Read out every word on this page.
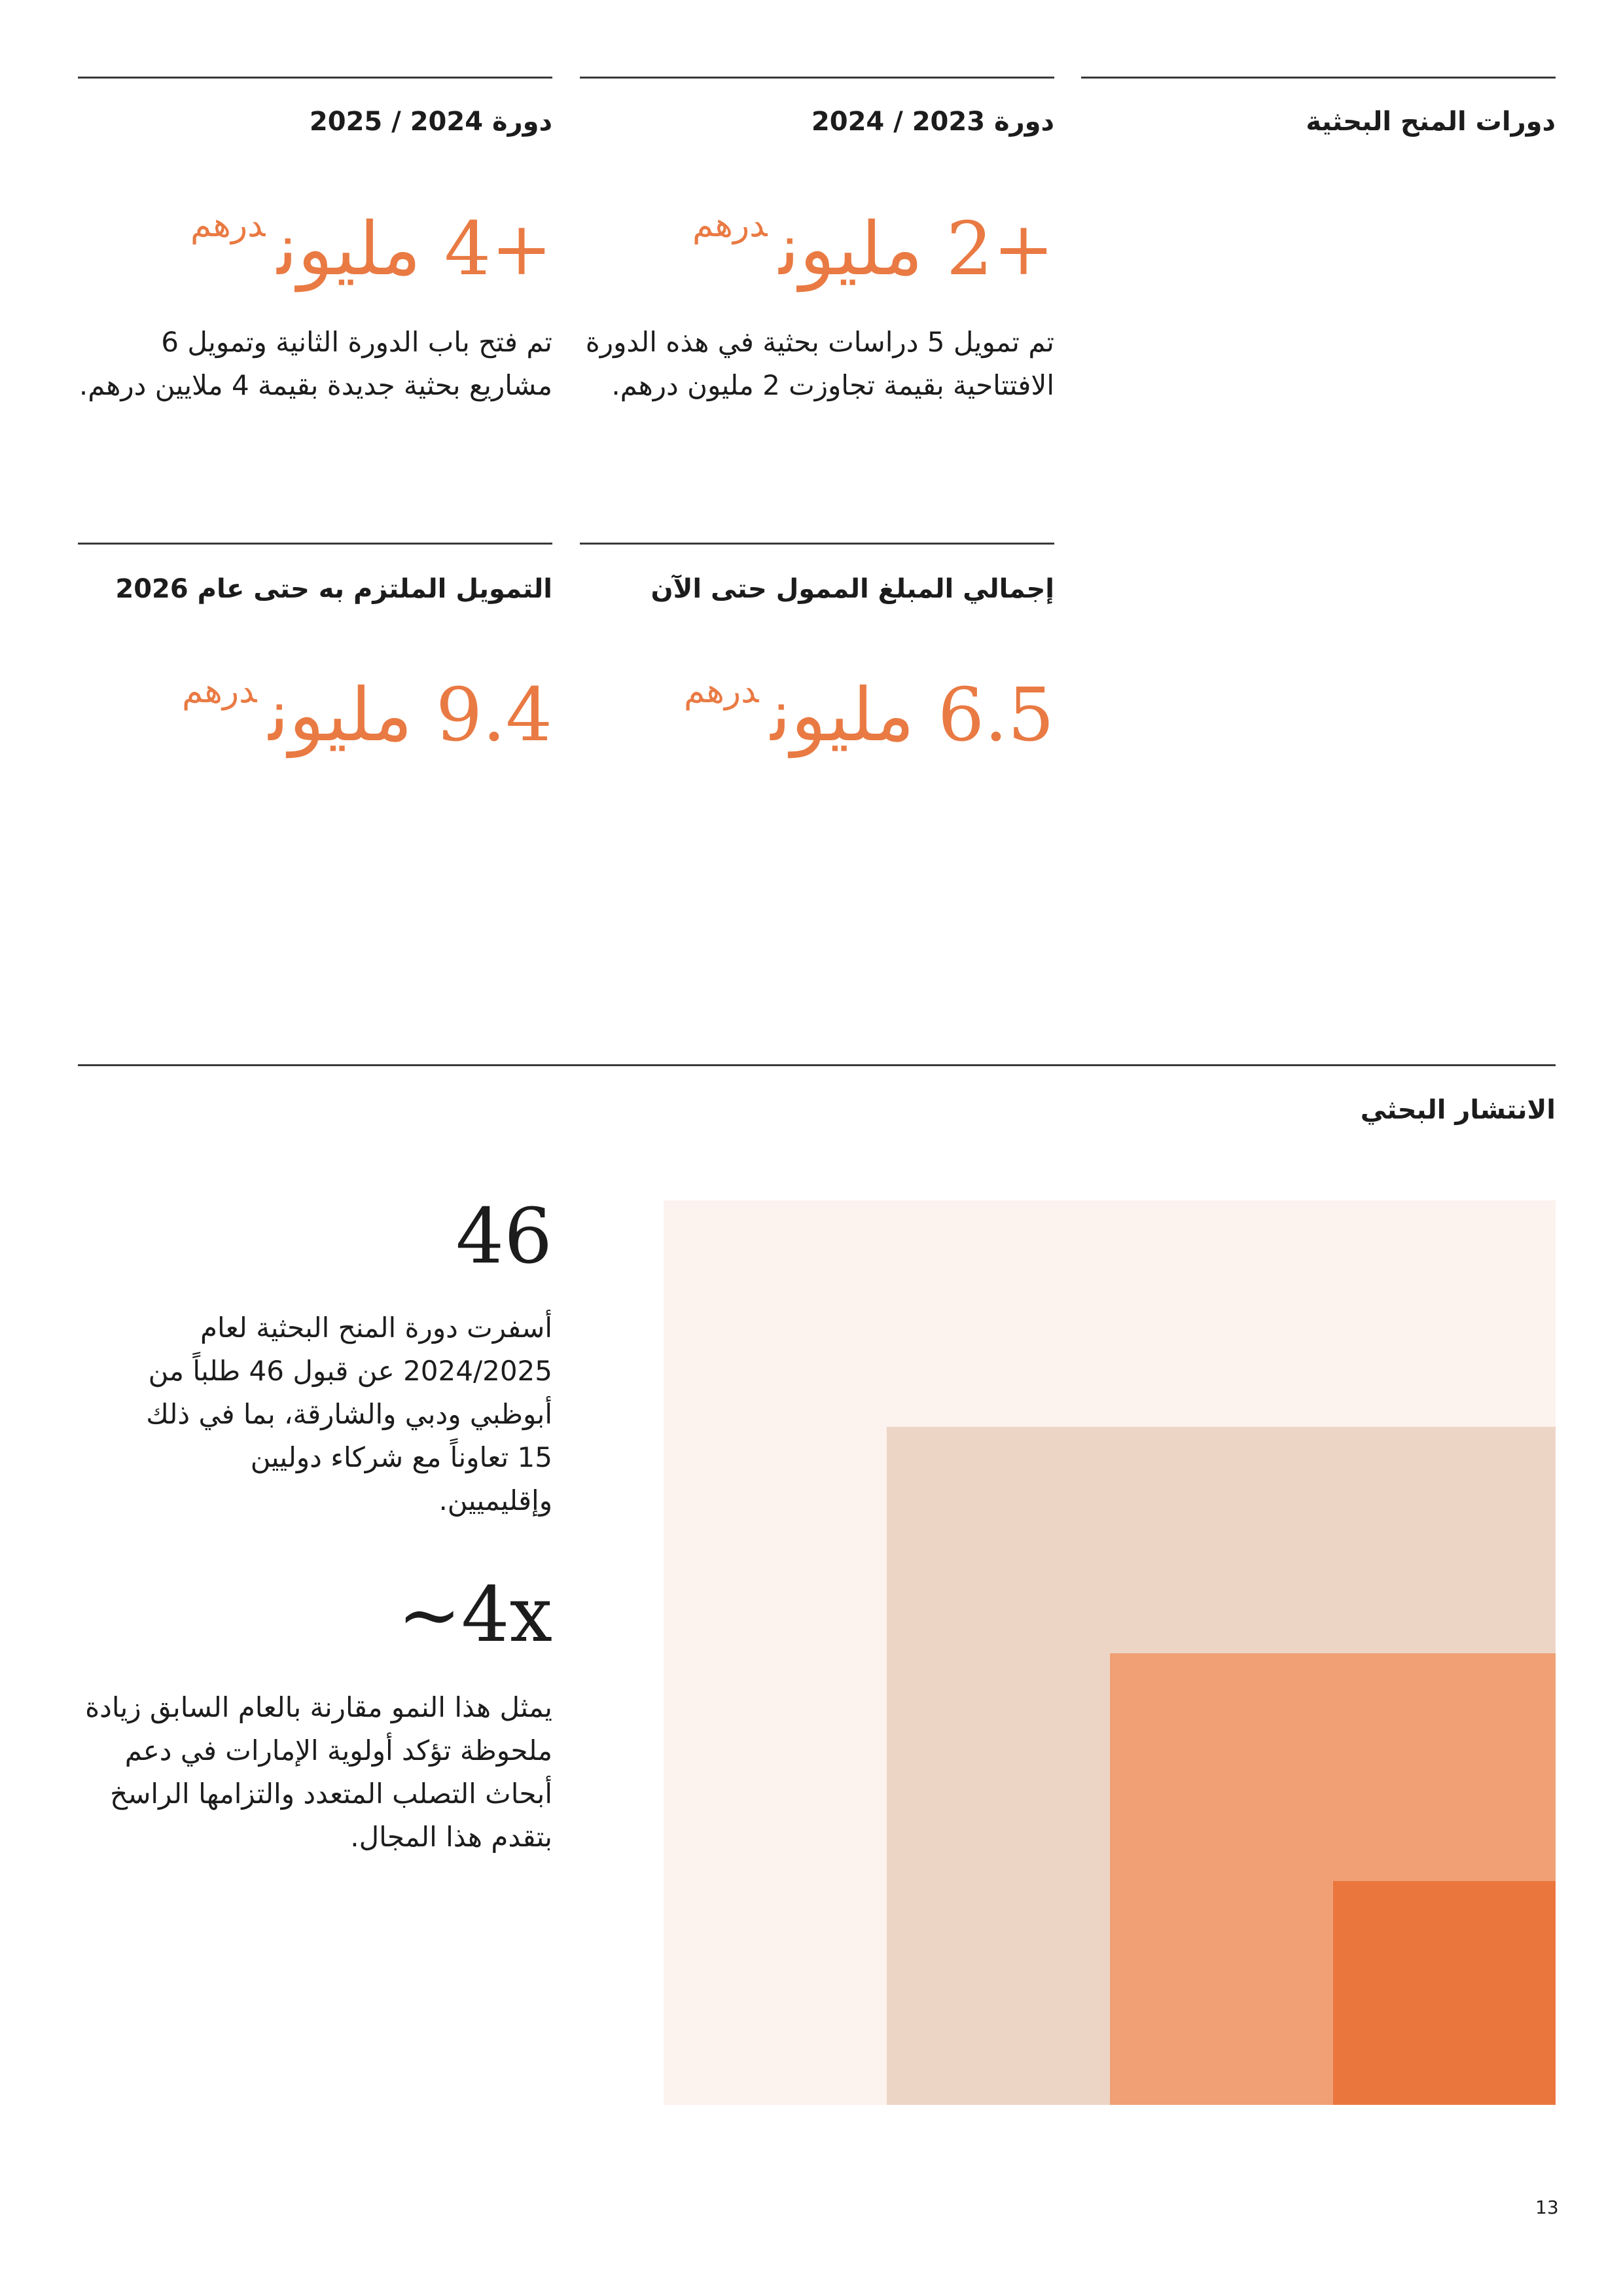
دورات المنح البحثية
دورة 2023 / 2024
+2 مليوندرهم
تم تمويل 5 دراسات بحثية في هذه الدورة الافتتاحية بقيمة تجاوزت 2 مليون درهم.
دورة 2024 / 2025
+4 مليوندرهم
تم فتح باب الدورة الثانية وتمويل 6 مشاريع بحثية جديدة بقيمة 4 ملايين درهم.
إجمالي المبلغ الممول حتى الآن
6.5 مليوندرهم
التمويل الملتزم به حتى عام 2026
9.4 مليوندرهم
الانتشار البحثي
46
أسفرت دورة المنح البحثية لعام 2024/2025 عن قبول 46 طلباً من أبوظبي ودبي والشارقة، بما في ذلك 15 تعاوناً مع شركاء دوليين وإقليميين.
~4x
يمثل هذا النمو مقارنة بالعام السابق زيادة ملحوظة تؤكد أولوية الإمارات في دعم أبحاث التصلب المتعدد والتزامها الراسخ بتقدم هذا المجال.
13
